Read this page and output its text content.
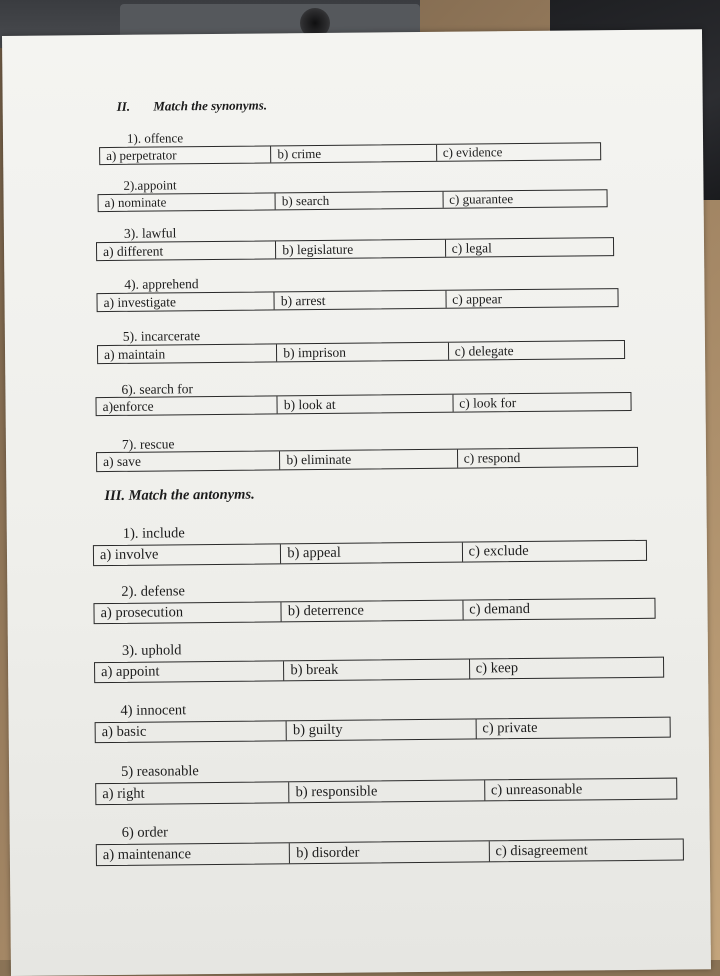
II. Match the synonyms.
1). offence
a) perpetrator	b) crime	c) evidence
2).appoint
a) nominate	b) search	c) guarantee
3). lawful
a) different	b) legislature	c) legal
4). apprehend
a) investigate	b) arrest	c) appear
5). incarcerate
a) maintain	b) imprison	c) delegate
6). search for
a)enforce	b) look at	c) look for
7). rescue
a) save	b) eliminate	c) respond
III. Match the antonyms.
1). include
a) involve	b) appeal	c) exclude
2). defense
a) prosecution	b) deterrence	c) demand
3). uphold
a) appoint	b) break	c) keep
4) innocent
a) basic	b) guilty	c) private
5) reasonable
a) right	b) responsible	c) unreasonable
6) order
a) maintenance	b) disorder	c) disagreement
